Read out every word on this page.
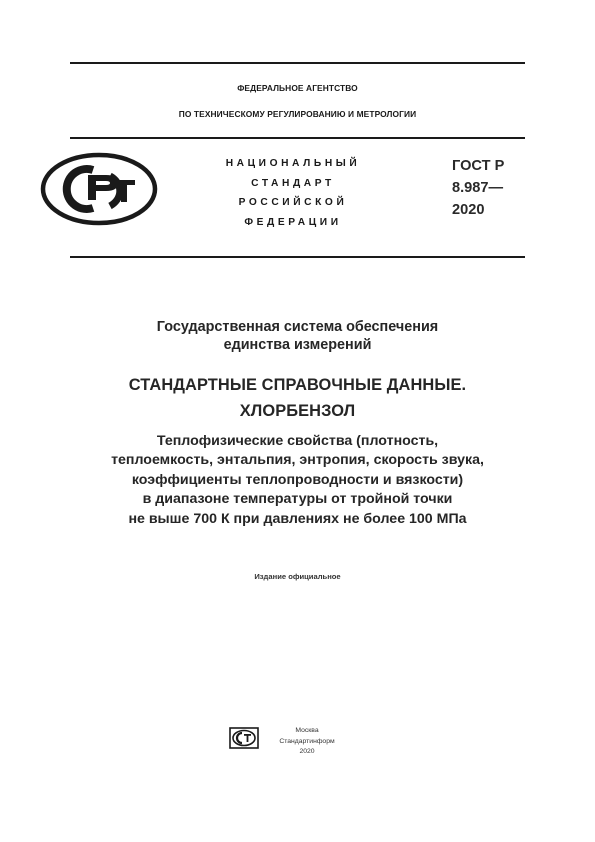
ФЕДЕРАЛЬНОЕ АГЕНТСТВО
ПО ТЕХНИЧЕСКОМУ РЕГУЛИРОВАНИЮ И МЕТРОЛОГИИ
НАЦИОНАЛЬНЫЙ
СТАНДАРТ
РОССИЙСКОЙ
ФЕДЕРАЦИИ
ГОСТ Р
8.987—
2020
Государственная система обеспечения
единства измерений
СТАНДАРТНЫЕ СПРАВОЧНЫЕ ДАННЫЕ.
ХЛОРБЕНЗОЛ
Теплофизические свойства (плотность,
теплоемкость, энтальпия, энтропия, скорость звука,
коэффициенты теплопроводности и вязкости)
в диапазоне температуры от тройной точки
не выше 700 К при давлениях не более 100 МПа
Издание официальное
Москва
Стандартинформ
2020
